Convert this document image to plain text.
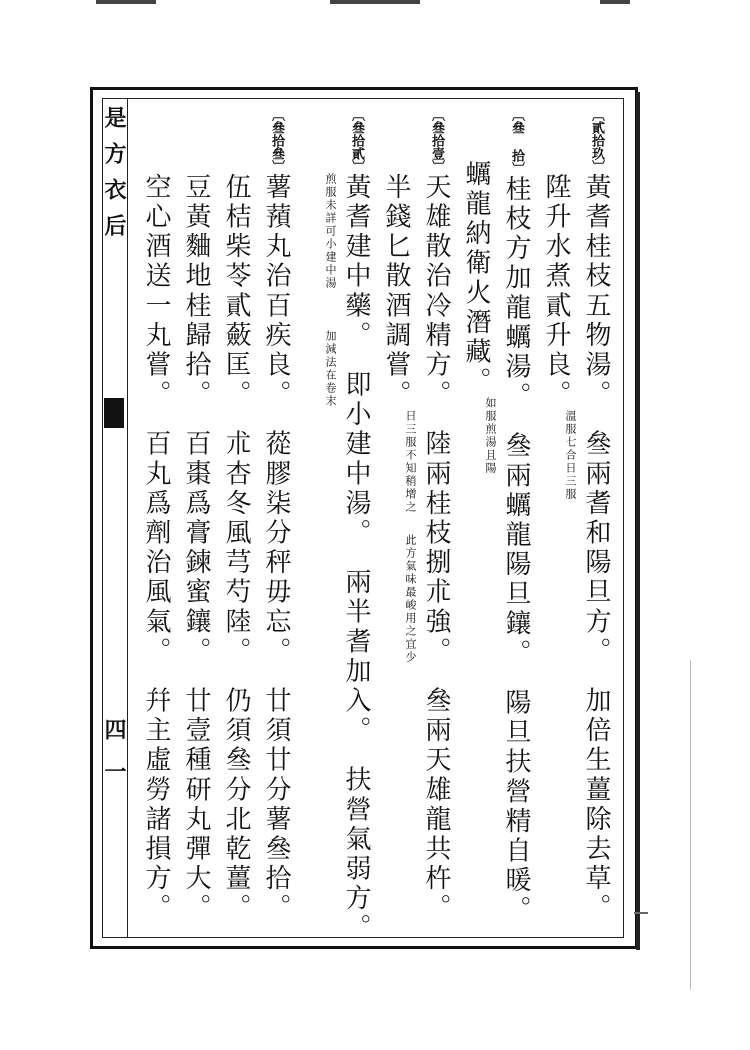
是方衣后
四一
〔貳拾玖〕黃耆桂枝五物湯。叄兩耆和陽旦方。加倍生薑除去草。
陞升水煮貳升良。溫服七合日三服
〔叄 拾〕桂枝方加龍蠣湯。叄兩蠣龍陽旦鑲。陽旦扶營精自暖。
蠣龍納衛火潛藏。如服煎湯且陽
〔叄拾壹〕天雄散治冷精方。陸兩桂枝捌朮強。叄兩天雄龍共杵。
半錢匕散酒調嘗。日三服不知稍增之此方氣味最峻用之宜少
〔叄拾貳〕黃耆建中藥。即小建中湯。兩半耆加入。扶營氣弱方。
煎服未詳可小建中湯加減法在卷末
〔叄拾叄〕薯蕷丸治百疾良。蓯膠柒分秤毋忘。廿須廿分薯叄拾。
伍桔柴苓貳蘞匡。朮杏冬風芎芍陸。仍須叄分北乾薑。
豆黃麯地桂歸拾。百棗爲膏鍊蜜鑲。廿壹種研丸彈大。
空心酒送一丸嘗。百丸爲劑治風氣。幷主虛勞諸損方。
